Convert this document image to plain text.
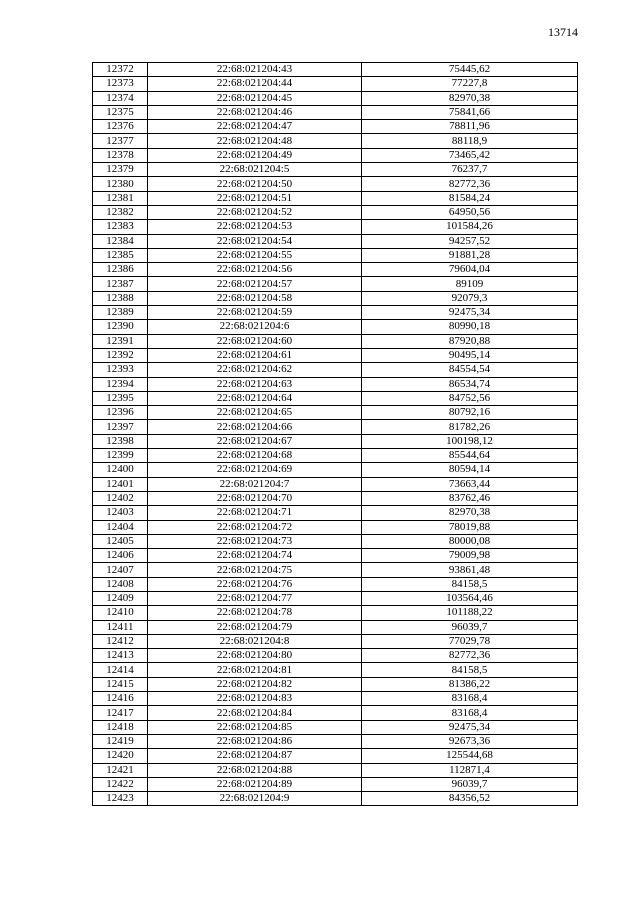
13714
12372	22:68:021204:43	75445,62
12373	22:68:021204:44	77227,8
12374	22:68:021204:45	82970,38
12375	22:68:021204:46	75841,66
12376	22:68:021204:47	78811,96
12377	22:68:021204:48	88118,9
12378	22:68:021204:49	73465,42
12379	22:68:021204:5	76237,7
12380	22:68:021204:50	82772,36
12381	22:68:021204:51	81584,24
12382	22:68:021204:52	64950,56
12383	22:68:021204:53	101584,26
12384	22:68:021204:54	94257,52
12385	22:68:021204:55	91881,28
12386	22:68:021204:56	79604,04
12387	22:68:021204:57	89109
12388	22:68:021204:58	92079,3
12389	22:68:021204:59	92475,34
12390	22:68:021204:6	80990,18
12391	22:68:021204:60	87920,88
12392	22:68:021204:61	90495,14
12393	22:68:021204:62	84554,54
12394	22:68:021204:63	86534,74
12395	22:68:021204:64	84752,56
12396	22:68:021204:65	80792,16
12397	22:68:021204:66	81782,26
12398	22:68:021204:67	100198,12
12399	22:68:021204:68	85544,64
12400	22:68:021204:69	80594,14
12401	22:68:021204:7	73663,44
12402	22:68:021204:70	83762,46
12403	22:68:021204:71	82970,38
12404	22:68:021204:72	78019,88
12405	22:68:021204:73	80000,08
12406	22:68:021204:74	79009,98
12407	22:68:021204:75	93861,48
12408	22:68:021204:76	84158,5
12409	22:68:021204:77	103564,46
12410	22:68:021204:78	101188,22
12411	22:68:021204:79	96039,7
12412	22:68:021204:8	77029,78
12413	22:68:021204:80	82772,36
12414	22:68:021204:81	84158,5
12415	22:68:021204:82	81386,22
12416	22:68:021204:83	83168,4
12417	22:68:021204:84	83168,4
12418	22:68:021204:85	92475,34
12419	22:68:021204:86	92673,36
12420	22:68:021204:87	125544,68
12421	22:68:021204:88	112871,4
12422	22:68:021204:89	96039,7
12423	22:68:021204:9	84356,52
